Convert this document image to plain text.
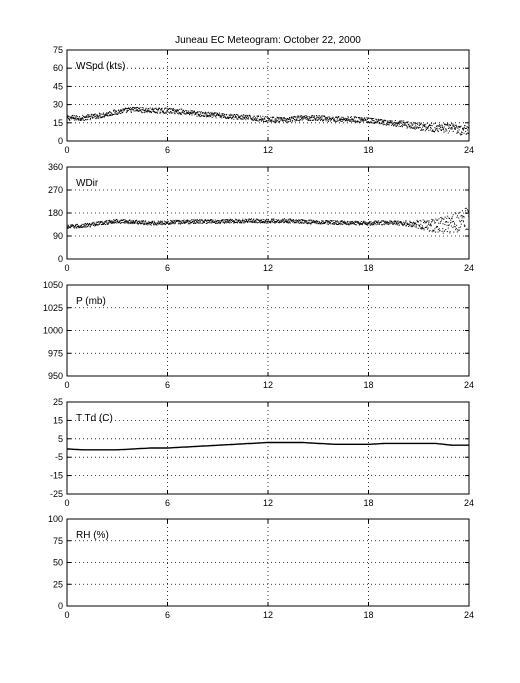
Juneau EC Meteogram: October 22, 2000
0
15
30
45
60
75
0	6	12	18	24
WSpd (kts)
0
90
180
270
360
0	6	12	18	24
WDir
950
975
1000
1025
1050
0	6	12	18	24
P (mb)
-25
-15
-5
5
15
25
0	6	12	18	24
T Td (C)
0
25
50
75
100
0	6	12	18	24
RH (%)
